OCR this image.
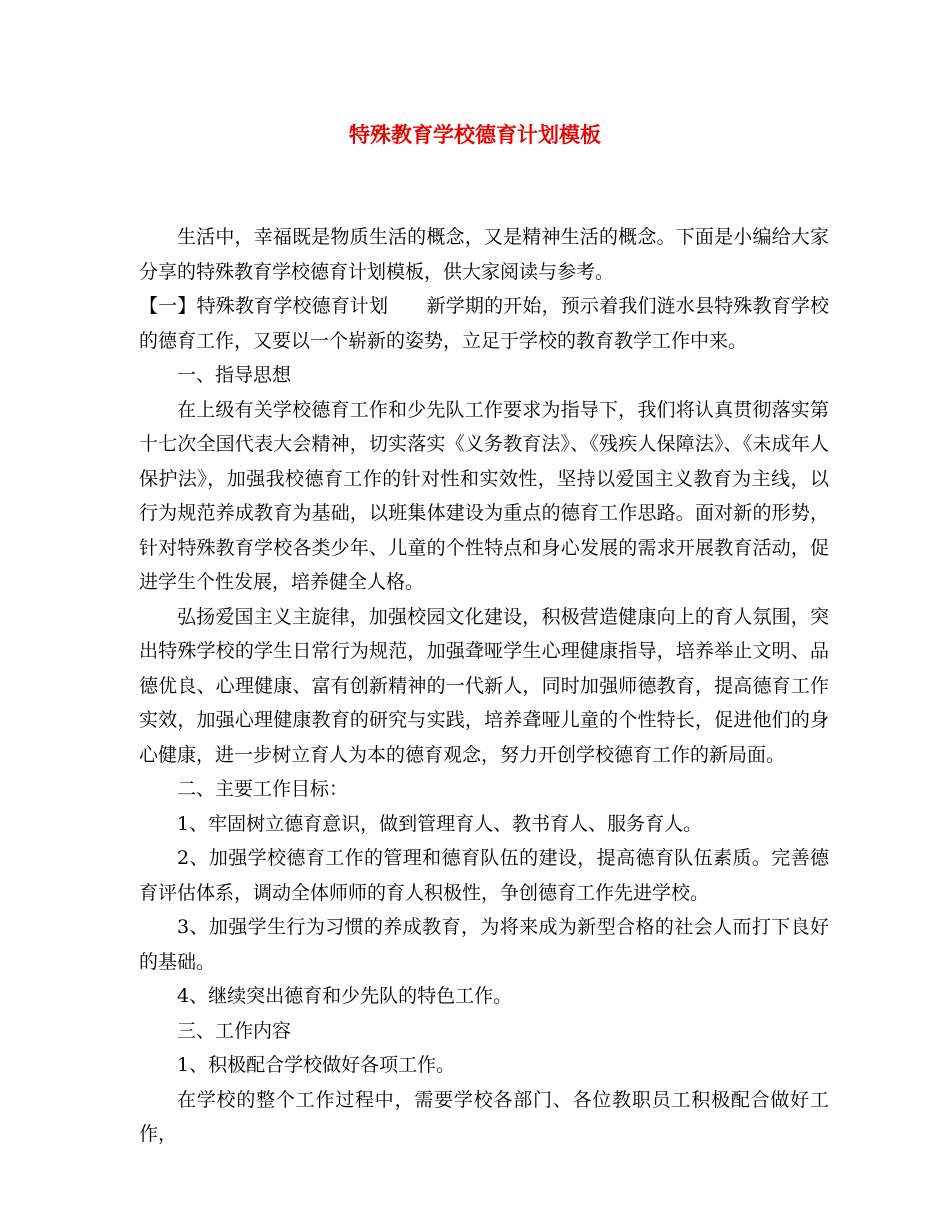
特殊教育学校德育计划模板

生活中，幸福既是物质生活的概念，又是精神生活的概念。下面是小编给大家分享的特殊教育学校德育计划模板，供大家阅读与参考。

【一】特殊教育学校德育计划　　新学期的开始，预示着我们涟水县特殊教育学校的德育工作，又要以一个崭新的姿势，立足于学校的教育教学工作中来。

一、指导思想

在上级有关学校德育工作和少先队工作要求为指导下，我们将认真贯彻落实第十七次全国代表大会精神，切实落实《义务教育法》、《残疾人保障法》、《未成年人保护法》，加强我校德育工作的针对性和实效性，坚持以爱国主义教育为主线，以行为规范养成教育为基础，以班集体建设为重点的德育工作思路。面对新的形势，针对特殊教育学校各类少年、儿童的个性特点和身心发展的需求开展教育活动，促进学生个性发展，培养健全人格。

弘扬爱国主义主旋律，加强校园文化建设，积极营造健康向上的育人氛围，突出特殊学校的学生日常行为规范，加强聋哑学生心理健康指导，培养举止文明、品德优良、心理健康、富有创新精神的一代新人，同时加强师德教育，提高德育工作实效，加强心理健康教育的研究与实践，培养聋哑儿童的个性特长，促进他们的身心健康，进一步树立育人为本的德育观念，努力开创学校德育工作的新局面。

二、主要工作目标：

1、牢固树立德育意识，做到管理育人、教书育人、服务育人。

2、加强学校德育工作的管理和德育队伍的建设，提高德育队伍素质。完善德育评估体系，调动全体师师的育人积极性，争创德育工作先进学校。

3、加强学生行为习惯的养成教育，为将来成为新型合格的社会人而打下良好的基础。

4、继续突出德育和少先队的特色工作。

三、工作内容

1、积极配合学校做好各项工作。

在学校的整个工作过程中，需要学校各部门、各位教职员工积极配合做好工作，
